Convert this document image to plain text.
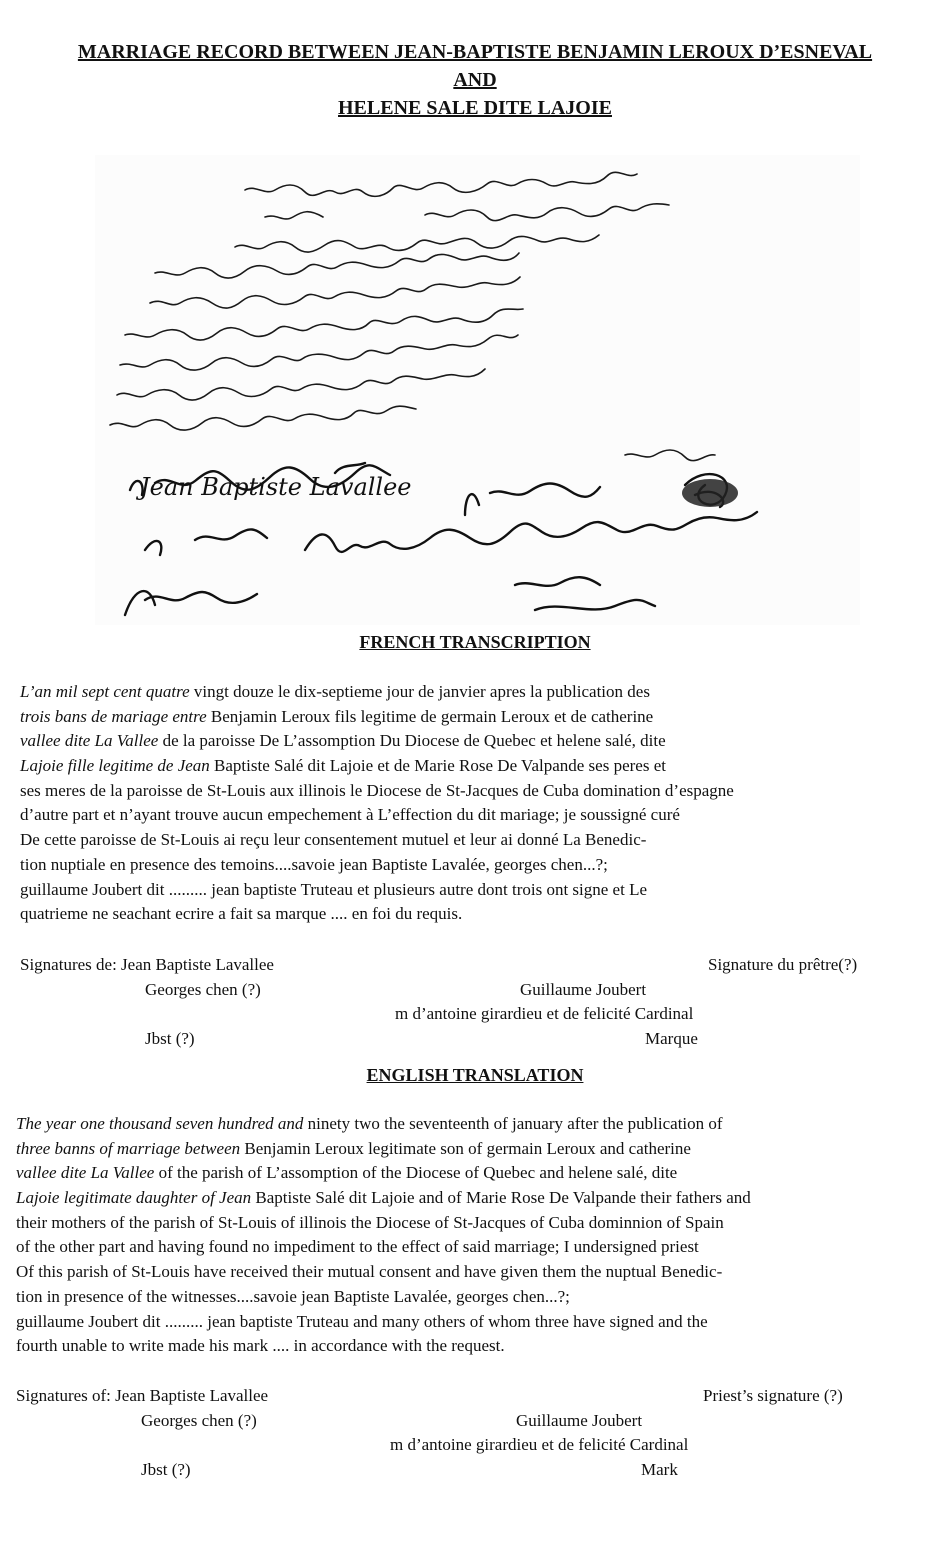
MARRIAGE RECORD BETWEEN JEAN-BAPTISTE BENJAMIN LEROUX D’ESNEVAL
AND
HELENE SALE DITE LAJOIE
Jean Baptiste Lavallee
FRENCH TRANSCRIPTION
L’an mil sept cent quatre vingt douze le dix-septieme jour de janvier apres la publication des
trois bans de mariage entre Benjamin Leroux fils legitime de germain Leroux et de catherine
vallee dite La Vallee de la paroisse De L’assomption Du Diocese de Quebec et helene salé, dite
Lajoie fille legitime de Jean Baptiste Salé dit Lajoie et de Marie Rose De Valpande ses peres et
ses meres de la paroisse de St-Louis aux illinois le Diocese de St-Jacques de Cuba domination d’espagne
d’autre part et n’ayant trouve aucun empechement à L’effection du dit mariage; je soussigné curé
De cette paroisse de St-Louis ai reçu leur consentement mutuel et leur ai donné La Benedic-
tion nuptiale en presence des temoins....savoie jean Baptiste Lavalée, georges chen...?;
guillaume Joubert dit ......... jean baptiste Truteau et plusieurs autre dont trois ont signe et Le
quatrieme ne seachant ecrire a fait sa marque .... en foi du requis.
Signatures de: Jean Baptiste Lavallee	Signature du prêtre(?)
Georges chen (?)	Guillaume Joubert
m d’antoine girardieu et de felicité Cardinal
Jbst (?)	Marque
ENGLISH TRANSLATION
The year one thousand seven hundred and ninety two the seventeenth of january after the publication of
three banns of marriage between Benjamin Leroux legitimate son of germain Leroux and catherine
vallee dite La Vallee of the parish of L’assomption of the Diocese of Quebec and helene salé, dite
Lajoie legitimate daughter of Jean Baptiste Salé dit Lajoie and of Marie Rose De Valpande their fathers and
their mothers of the parish of St-Louis of illinois the Diocese of St-Jacques of Cuba dominnion of Spain
of the other part and having found no impediment to the effect of said marriage; I undersigned priest
Of this parish of St-Louis have received their mutual consent and have given them the nuptual Benedic-
tion in presence of the witnesses....savoie jean Baptiste Lavalée, georges chen...?;
guillaume Joubert dit ......... jean baptiste Truteau and many others of whom three have signed and the
fourth unable to write made his mark .... in accordance with the request.
Signatures of: Jean Baptiste Lavallee	Priest’s signature (?)
Georges chen (?)	Guillaume Joubert
m d’antoine girardieu et de felicité Cardinal
Jbst (?)	Mark
